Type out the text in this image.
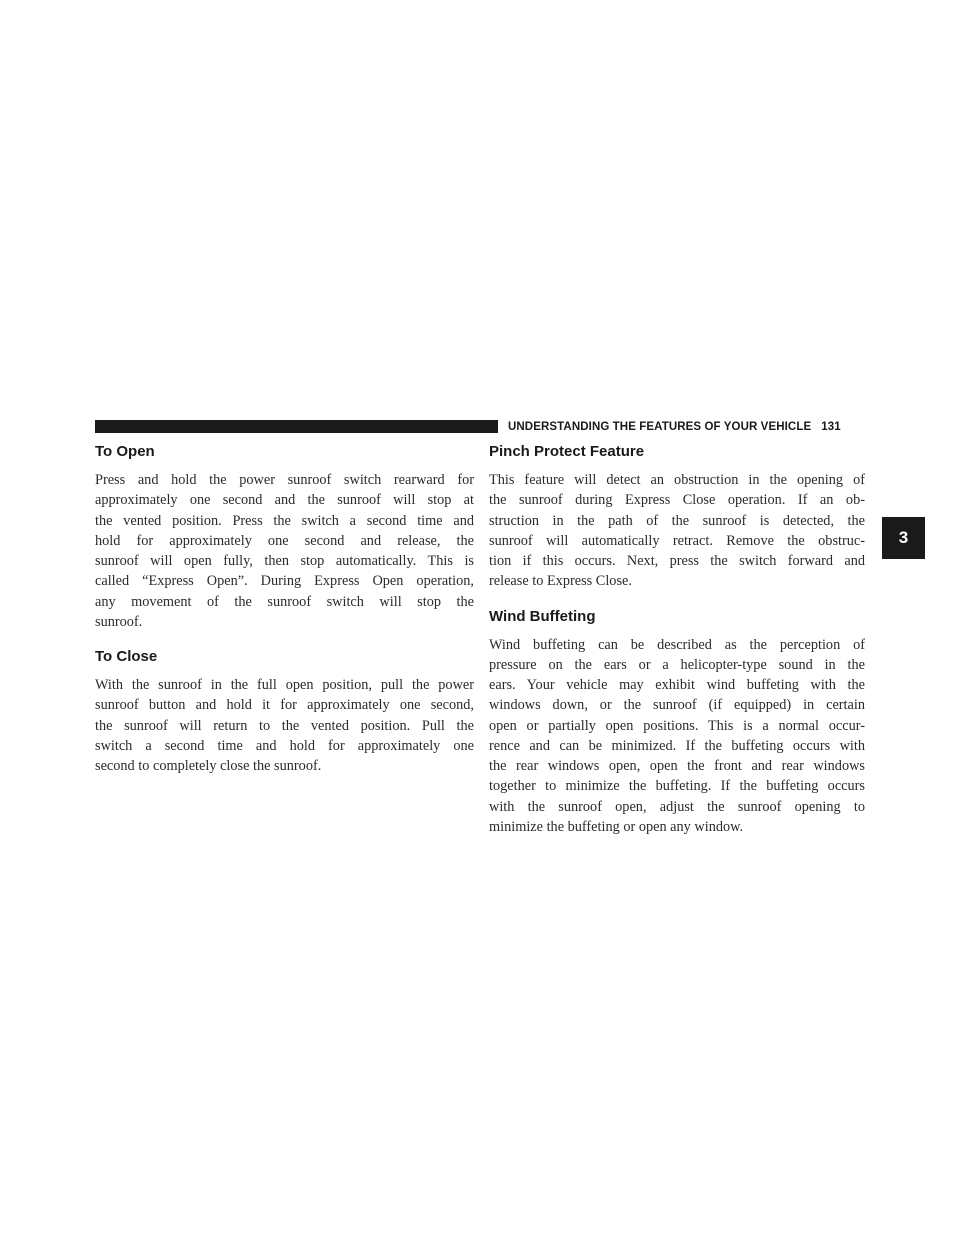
UNDERSTANDING THE FEATURES OF YOUR VEHICLE 131
3
To Open

Press and hold the power sunroof switch rearward for
approximately one second and the sunroof will stop at
the vented position. Press the switch a second time and
hold for approximately one second and release, the
sunroof will open fully, then stop automatically. This is
called “Express Open”. During Express Open operation,
any movement of the sunroof switch will stop the
sunroof.

To Close

With the sunroof in the full open position, pull the power
sunroof button and hold it for approximately one second,
the sunroof will return to the vented position. Pull the
switch a second time and hold for approximately one
second to completely close the sunroof.

Pinch Protect Feature

This feature will detect an obstruction in the opening of
the sunroof during Express Close operation. If an ob-
struction in the path of the sunroof is detected, the
sunroof will automatically retract. Remove the obstruc-
tion if this occurs. Next, press the switch forward and
release to Express Close.

Wind Buffeting

Wind buffeting can be described as the perception of
pressure on the ears or a helicopter-type sound in the
ears. Your vehicle may exhibit wind buffeting with the
windows down, or the sunroof (if equipped) in certain
open or partially open positions. This is a normal occur-
rence and can be minimized. If the buffeting occurs with
the rear windows open, open the front and rear windows
together to minimize the buffeting. If the buffeting occurs
with the sunroof open, adjust the sunroof opening to
minimize the buffeting or open any window.
